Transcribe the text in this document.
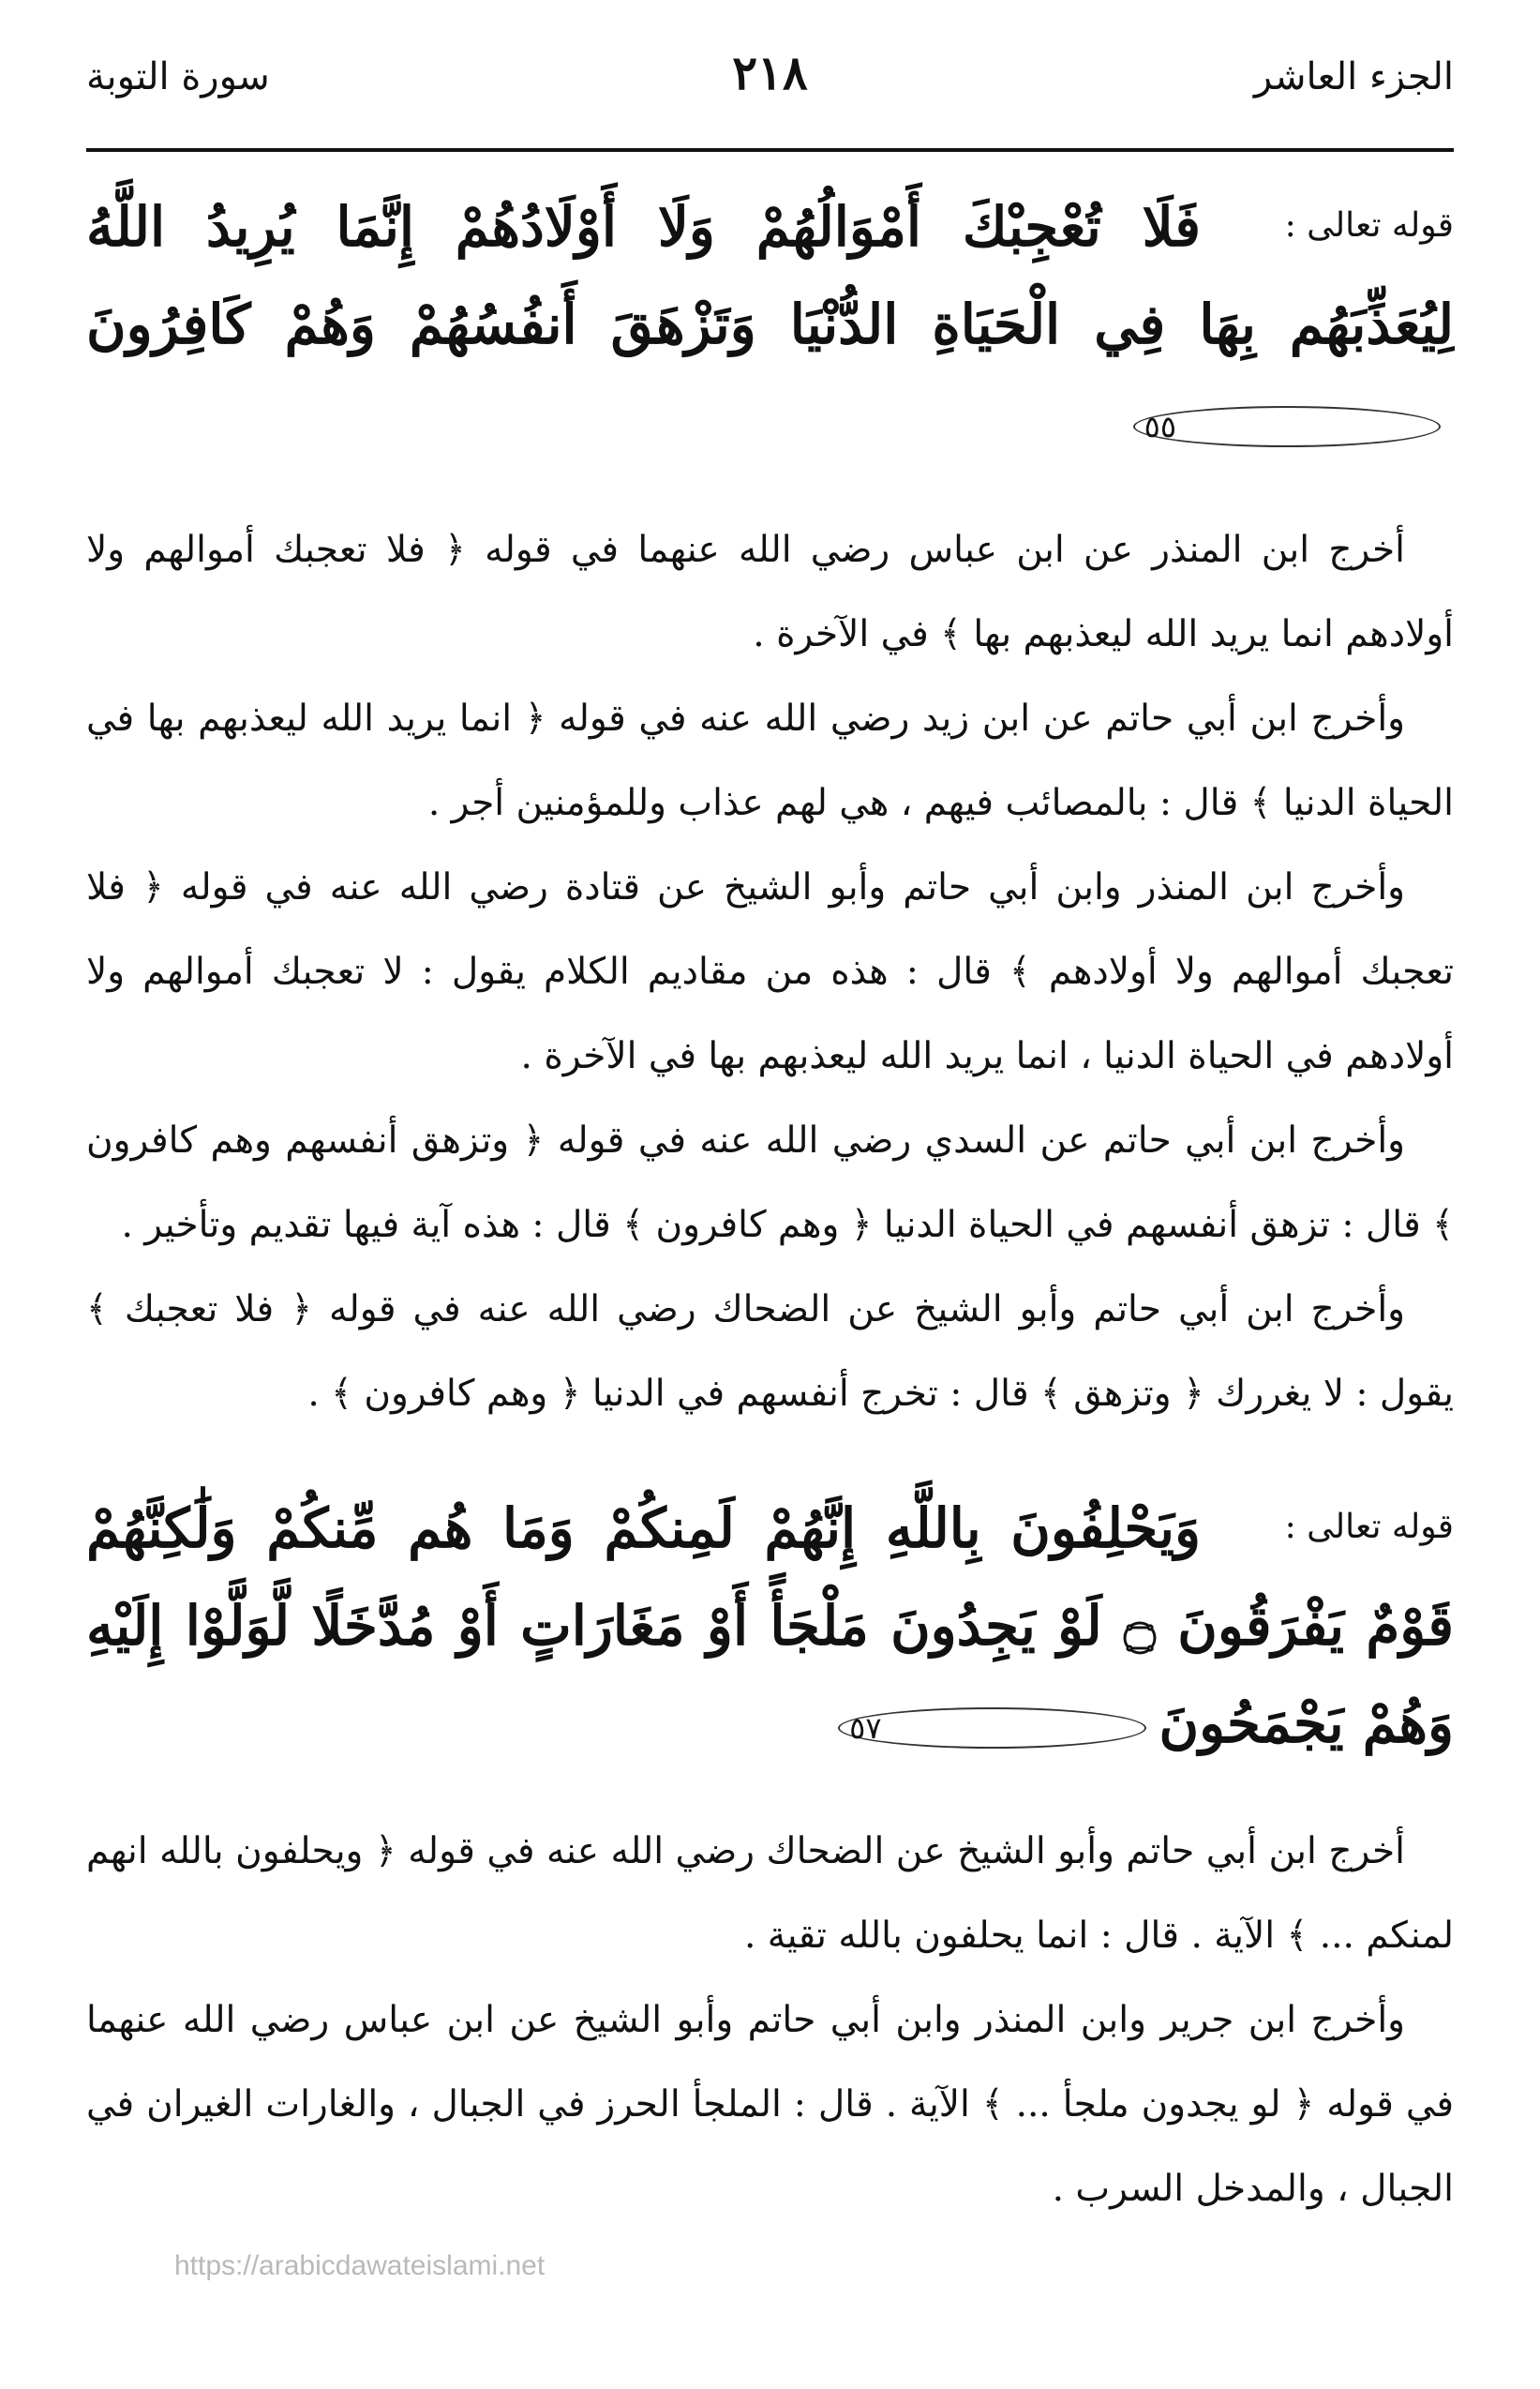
الجزء العاشر
٢١٨
سورة التوبة
قوله تعالى :
فَلَا تُعْجِبْكَ أَمْوَالُهُمْ وَلَا أَوْلَادُهُمْ إِنَّمَا يُرِيدُ اللَّهُ لِيُعَذِّبَهُم بِهَا فِي الْحَيَاةِ الدُّنْيَا وَتَزْهَقَ أَنفُسُهُمْ وَهُمْ كَافِرُونَ٥٥

أخرج ابن المنذر عن ابن عباس رضي الله عنهما في قوله ﴿ فلا تعجبك أموالهم ولا أولادهم انما يريد الله ليعذبهم بها ﴾ في الآخرة .

وأخرج ابن أبي حاتم عن ابن زيد رضي الله عنه في قوله ﴿ انما يريد الله ليعذبهم بها في الحياة الدنيا ﴾ قال : بالمصائب فيهم ، هي لهم عذاب وللمؤمنين أجر .

وأخرج ابن المنذر وابن أبي حاتم وأبو الشيخ عن قتادة رضي الله عنه في قوله ﴿ فلا تعجبك أموالهم ولا أولادهم ﴾ قال : هذه من مقاديم الكلام يقول : لا تعجبك أموالهم ولا أولادهم في الحياة الدنيا ، انما يريد الله ليعذبهم بها في الآخرة .

وأخرج ابن أبي حاتم عن السدي رضي الله عنه في قوله ﴿ وتزهق أنفسهم وهم كافرون ﴾ قال : تزهق أنفسهم في الحياة الدنيا ﴿ وهم كافرون ﴾ قال : هذه آية فيها تقديم وتأخير .

وأخرج ابن أبي حاتم وأبو الشيخ عن الضحاك رضي الله عنه في قوله ﴿ فلا تعجبك ﴾ يقول : لا يغررك ﴿ وتزهق ﴾ قال : تخرج أنفسهم في الدنيا ﴿ وهم كافرون ﴾ .

قوله تعالى :
وَيَحْلِفُونَ بِاللَّهِ إِنَّهُمْ لَمِنكُمْ وَمَا هُم مِّنكُمْ وَلَٰكِنَّهُمْ قَوْمٌ يَفْرَقُونَ ۝ لَوْ يَجِدُونَ مَلْجَأً أَوْ مَغَارَاتٍ أَوْ مُدَّخَلًا لَّوَلَّوْا إِلَيْهِ وَهُمْ يَجْمَحُونَ٥٧

أخرج ابن أبي حاتم وأبو الشيخ عن الضحاك رضي الله عنه في قوله ﴿ ويحلفون بالله انهم لمنكم ... ﴾ الآية . قال : انما يحلفون بالله تقية .

وأخرج ابن جرير وابن المنذر وابن أبي حاتم وأبو الشيخ عن ابن عباس رضي الله عنهما في قوله ﴿ لو يجدون ملجأ ... ﴾ الآية . قال : الملجأ الحرز في الجبال ، والغارات الغيران في الجبال ، والمدخل السرب .

https://arabicdawateislami.net
